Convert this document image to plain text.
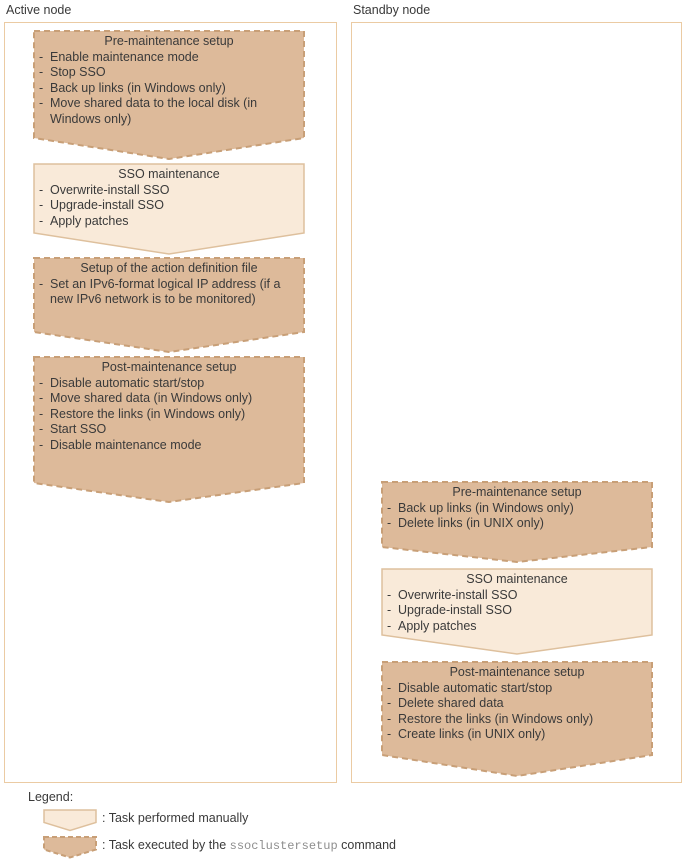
Legend:
: Task performed manually
: Task executed by the ssoclustersetup command
Active node
Pre-maintenance setup
- Enable maintenance mode
- Stop SSO
- Back up links (in Windows only)
- Move shared data to the local disk (in Windows only)
SSO maintenance
- Overwrite-install SSO
- Upgrade-install SSO
- Apply patches
Setup of the action definition file
- Set an IPv6-format logical IP address (if a new IPv6 network is to be monitored)
Post-maintenance setup
- Disable automatic start/stop
- Move shared data (in Windows only)
- Restore the links (in Windows only)
- Start SSO
- Disable maintenance mode
Standby node
Pre-maintenance setup
- Back up links (in Windows only)
- Delete links (in UNIX only)
SSO maintenance
- Overwrite-install SSO
- Upgrade-install SSO
- Apply patches
Post-maintenance setup
- Disable automatic start/stop
- Delete shared data
- Restore the links (in Windows only)
- Create links (in UNIX only)
